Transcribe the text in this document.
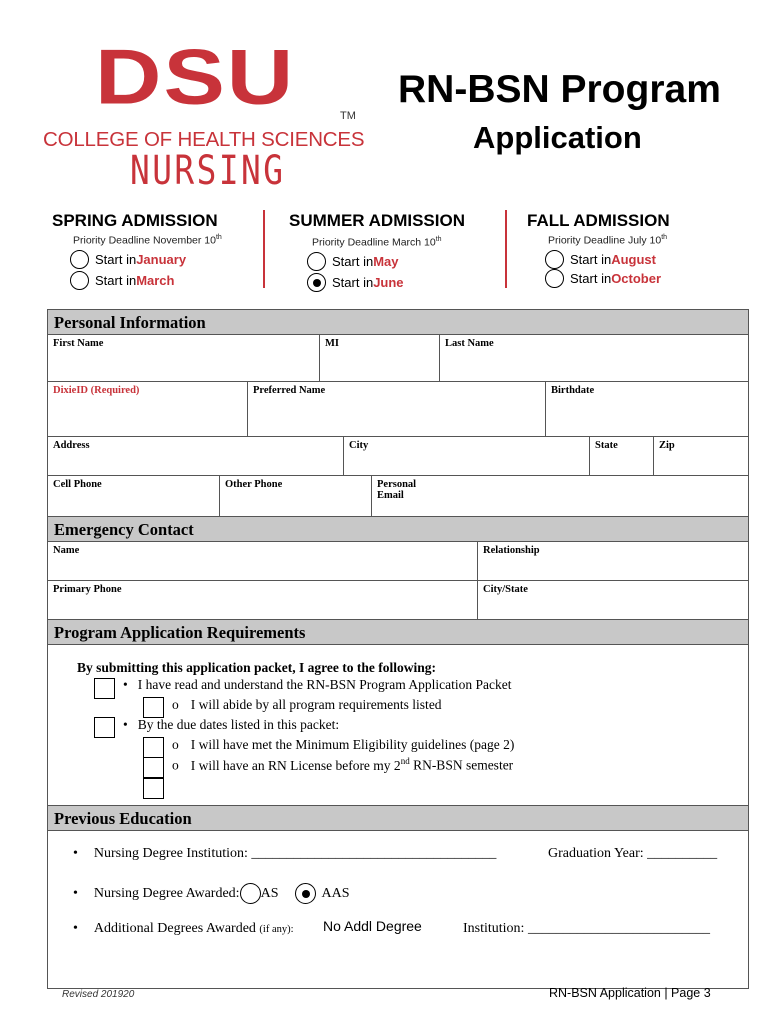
DSU	TM
COLLEGE OF HEALTH SCIENCES
NURSING
RN-BSN Program
Application
SPRING ADMISSION
Priority Deadline November 10th
Start in January
Start in March
SUMMER ADMISSION
Priority Deadline March 10th
Start in May
Start in June
FALL ADMISSION
Priority Deadline July 10th
Start in August
Start in October
Personal Information
First Name	MI	Last Name
DixieID (Required)	Preferred Name	Birthdate
Address	City	State	Zip
Cell Phone	Other Phone	Personal
Email
Emergency Contact
Name	Relationship
Primary Phone	City/State
Program Application Requirements
By submitting this application packet, I agree to the following:
• I have read and understand the RN-BSN Program Application Packet
o I will abide by all program requirements listed
• By the due dates listed in this packet:
o I will have met the Minimum Eligibility guidelines (page 2)
o I will have an RN License before my 2nd RN-BSN semester
Previous Education
• Nursing Degree Institution: ___________________________________	Graduation Year: __________
• Nursing Degree Awarded: AS	AAS
• Additional Degrees Awarded (if any): No Addl Degree	Institution: __________________________
Revised 201920	RN-BSN Application | Page 3
